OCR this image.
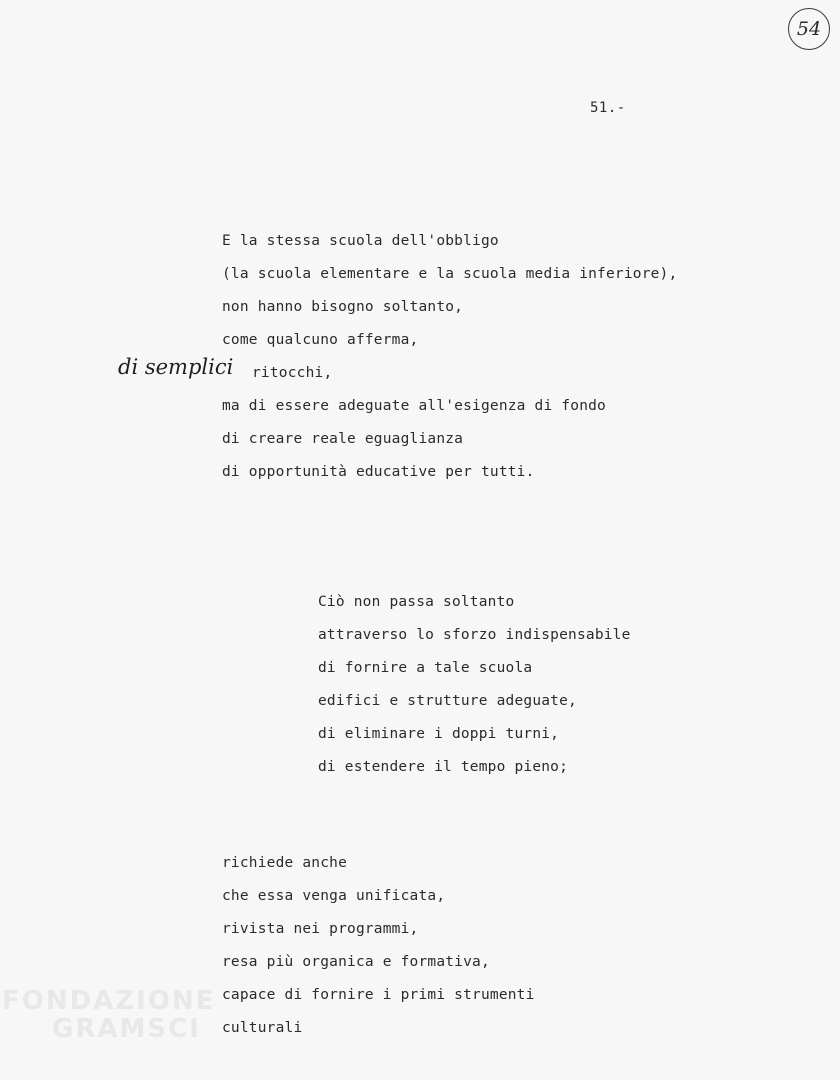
54
51.-
E la stessa scuola dell'obbligo
(la scuola elementare e la scuola media inferiore),
non hanno bisogno soltanto,
come qualcuno afferma,
di semplici ritocchi,
ma di essere adeguate all'esigenza di fondo
di creare reale eguaglianza
di opportunità educative per tutti.
Ciò non passa soltanto
attraverso lo sforzo indispensabile
di fornire a tale scuola
edifici e strutture adeguate,
di eliminare i doppi turni,
di estendere il tempo pieno;
richiede anche
che essa venga unificata,
rivista nei programmi,
resa più organica e formativa,
capace di fornire i primi strumenti
culturali
FONDAZIONE
GRAMSCI
